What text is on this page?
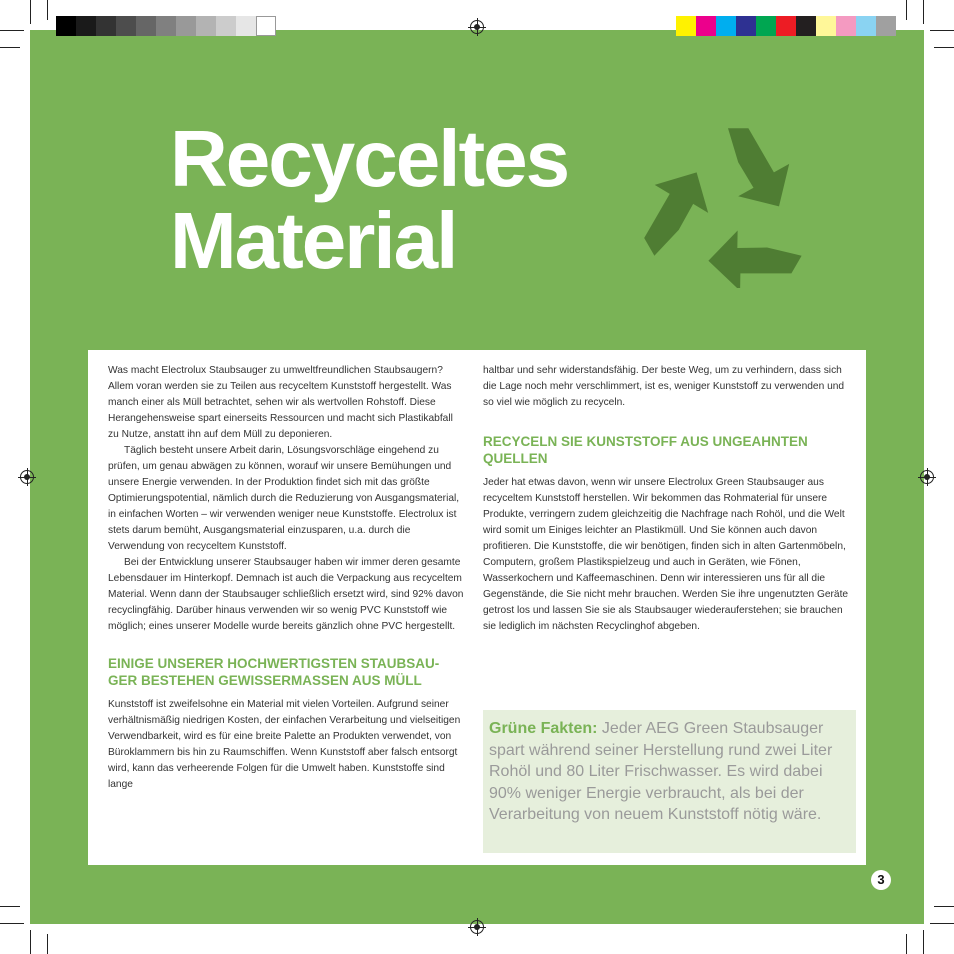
Recyceltes
Material

Was macht Electrolux Staubsauger zu umweltfreundlichen Staubsaugern? Allem voran werden sie zu Teilen aus recyceltem Kunststoff hergestellt. Was manch einer als Müll betrachtet, sehen wir als wertvollen Rohstoff. Diese Herangehensweise spart einerseits Ressourcen und macht sich Plastikabfall zu Nutze, anstatt ihn auf dem Müll zu deponieren.

Täglich besteht unsere Arbeit darin, Lösungsvorschläge eingehend zu prüfen, um genau abwägen zu können, worauf wir unsere Bemühungen und unsere Energie verwenden. In der Produktion findet sich mit das größte Optimierungspotential, nämlich durch die Reduzierung von Ausgangsmaterial, in einfachen Worten – wir verwenden weniger neue Kunststoffe. Electrolux ist stets darum bemüht, Ausgangsmaterial einzusparen, u.a. durch die Verwendung von recyceltem Kunststoff.

Bei der Entwicklung unserer Staubsauger haben wir immer deren gesamte Lebensdauer im Hinterkopf. Demnach ist auch die Verpackung aus recyceltem Material. Wenn dann der Staubsauger schließlich ersetzt wird, sind 92% davon recyclingfähig. Darüber hinaus verwenden wir so wenig PVC Kunststoff wie möglich; eines unserer Modelle wurde bereits gänzlich ohne PVC hergestellt.

EINIGE UNSERER HOCHWERTIGSTEN STAUBSAU-GER BESTEHEN GEWISSERMASSEN AUS MÜLL

Kunststoff ist zweifelsohne ein Material mit vielen Vorteilen. Aufgrund seiner verhältnismäßig niedrigen Kosten, der einfachen Verarbeitung und vielseitigen Verwendbarkeit, wird es für eine breite Palette an Produkten verwendet, von Büroklammern bis hin zu Raumschiffen. Wenn Kunststoff aber falsch entsorgt wird, kann das verheerende Folgen für die Umwelt haben. Kunststoffe sind lange

haltbar und sehr widerstandsfähig. Der beste Weg, um zu verhindern, dass sich die Lage noch mehr verschlimmert, ist es, weniger Kunststoff zu verwenden und so viel wie möglich zu recyceln.

RECYCELN SIE KUNSTSTOFF AUS UNGEAHNTEN QUELLEN

Jeder hat etwas davon, wenn wir unsere Electrolux Green Staubsauger aus recyceltem Kunststoff herstellen. Wir bekommen das Rohmaterial für unsere Produkte, verringern zudem gleichzeitig die Nachfrage nach Rohöl, und die Welt wird somit um Einiges leichter an Plastikmüll. Und Sie können auch davon profitieren. Die Kunststoffe, die wir benötigen, finden sich in alten Gartenmöbeln, Computern, großem Plastikspielzeug und auch in Geräten, wie Fönen, Wasserkochern und Kaffeemaschinen. Denn wir interessieren uns für all die Gegenstände, die Sie nicht mehr brauchen. Werden Sie ihre ungenutzten Geräte getrost los und lassen Sie sie als Staubsauger wiederauferstehen; sie brauchen sie lediglich im nächsten Recyclinghof abgeben.

Grüne Fakten: Jeder AEG Green Staubsauger spart während seiner Herstellung rund zwei Liter Rohöl und 80 Liter Frischwasser. Es wird dabei 90% weniger Energie verbraucht, als bei der Verarbeitung von neuem Kunststoff nötig wäre.
3
